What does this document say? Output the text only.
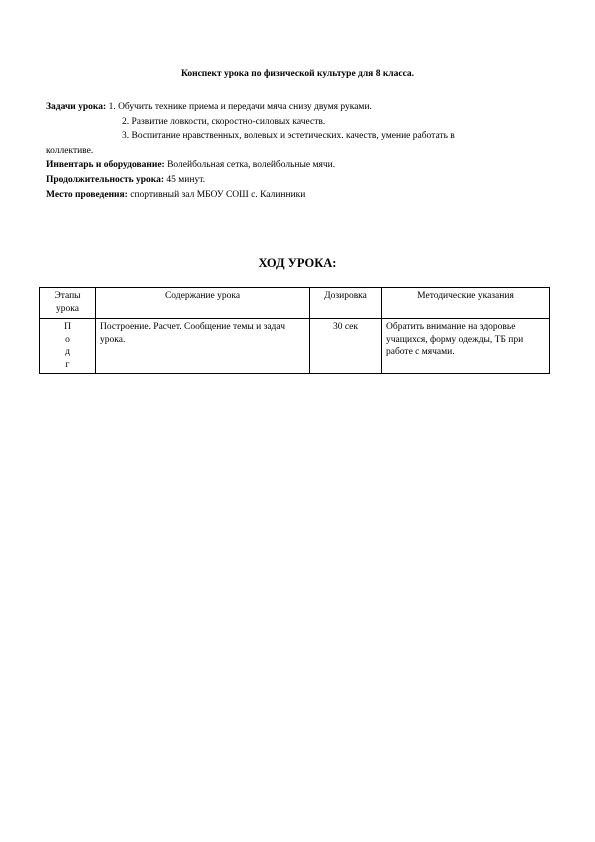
Конспект урока по физической культуре для 8 класса.
Задачи урока: 1. Обучить технике приема и передачи мяча снизу двумя руками.
2. Развитие ловкости, скоростно-силовых качеств.
3. Воспитание нравственных, волевых и эстетических. качеств, умение работать в
коллективе.
Инвентарь и оборудование: Волейбольная сетка, волейбольные мячи.
Продолжительность урока: 45 минут.
Место проведения: спортивный зал МБОУ СОШ с. Калинники
ХОД УРОКА:
Этапы урока	Содержание урока	Дозировка	Методические указания

П
о
д
г	Построение. Расчет. Сообщение темы и задач урока.	30 сек	Обратить внимание на здоровье учащихся, форму одежды, ТБ при работе с мячами.
